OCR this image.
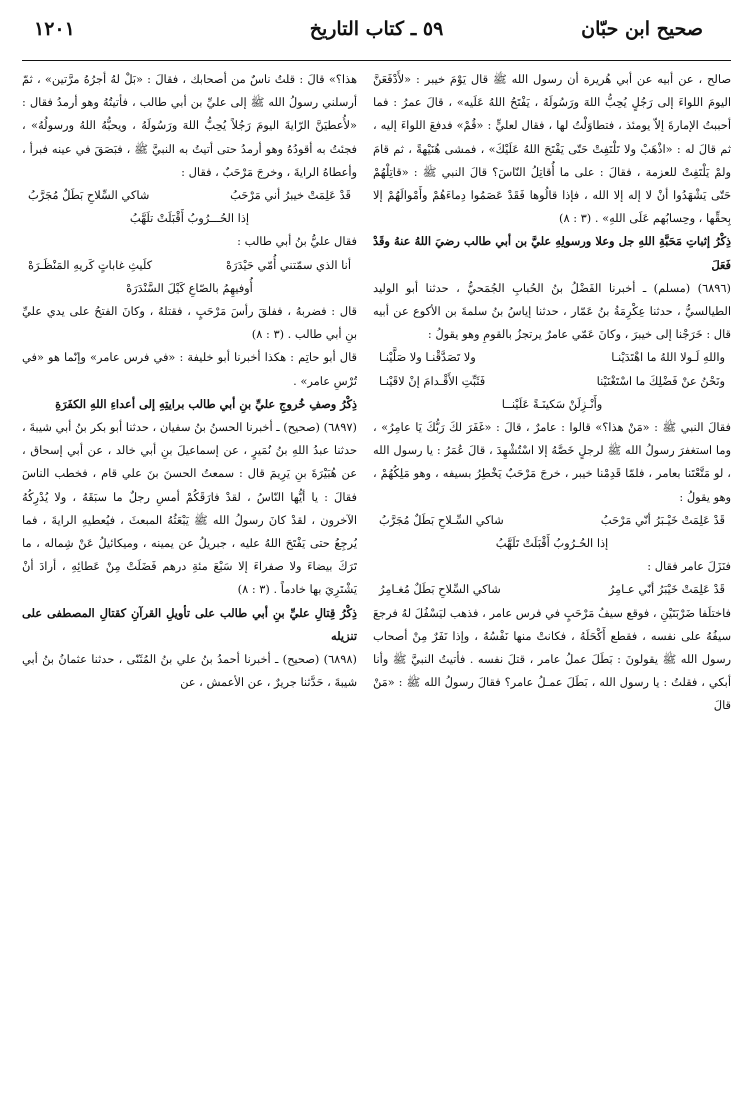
صحيح ابن حبّان
٥٩ ـ كتاب التاريخ
١٢٠١

صالح ، عن أبيه عن أبي هُريرة أن رسول الله ﷺ قال يَوْمَ خيبر : «لأَدْفَعَنَّ اليومَ اللواءَ إلى رَجُلٍ يُحِبُّ اللهَ ورَسُولَهُ ، يَفْتَحُ اللهُ عَلَيه» ، قالَ عمرُ : فما أحببتُ الإمارةَ إلاّ يومئذ ، فتطاوَلْتُ لها ، فقال لعليٍّ : «قُمْ» فدفعَ اللواءَ إليه ، ثم قالَ له : «اذْهَبْ ولا تَلْتَفِتْ حَتّى يَفْتَحَ اللهُ عَلَيْكَ» ، فمشى هُنَيْهةً ، ثم قامَ ولمْ يَلْتَفِتْ للعزمة ، فقالَ : على ما أُقاتِلُ النّاسَ؟ قالَ النبي ﷺ : «قاتِلْهُمْ حَتّى يَشْهَدُوا أنْ لا إله إلا الله ، فإذا قالُوها فَقَدْ عَصَمُوا دِماءَهُمْ وأَمْوالَهُمْ إلا بِحقِّها ، وحِسابُهم عَلَى اللهِ» . (٣ : ٨)

ذِكْرُ إثباتِ مَحَبَّةِ اللهِ جل وعلا ورسولِهِ عليَّ بن أبي طالب رضيَ اللهُ عنهُ وقَدْ فَعَلَ

(٦٨٩٦) (مسلم) ـ أخبرنا الفَضْلُ بنُ الحُبابِ الجُمَحيُّ ، حدثنا أبو الوليد الطيالسيُّ ، حدثنا عِكْرِمَةُ بنُ عَمّار ، حدثنا إياسُ بنُ سلمةَ بن الأكوع عن أبيه قال : خَرَجْنا إلى خيبرَ ، وكانَ عَمّي عامرٌ يرتجزُ بالقومِ وهو يقولُ :

واللهِ لَـولا اللهُ ما اهْتَدَيْنـا
ولا تَصَدَّقْنـا ولا صَلَّيْنـا
ونَحْنُ عنْ فَضْلِكَ ما اسْتَغْنَيْنا
فَثَبِّتِ الأَقْـدامَ إنْ لاقَيْنـا
وأَنْـزِلَنْ سَكينَـةً عَلَيْنــا

فقالَ النبي ﷺ : «مَنْ هذا؟» قالوا : عامرٌ ، قالَ : «غَفَرَ لكَ رَبُّكَ يَا عامِرُ» ، وما استغفرَ رسولُ الله ﷺ لرجلٍ خَصَّهُ إلا اسْتُشْهِدَ ، قالَ عُمَرُ : يا رسول الله ، لو مَتَّعْتَنا بعامر ، فلمّا قَدِمْنا خيبر ، خرجَ مَرْحَبٌ يَخْطِرُ بسيفه ، وهو مَلِكُهُمْ ، وهو يقولُ :

قَدْ عَلِمَتْ خَيْـبَرُ أنّي مَرْحَبُ
شاكي السِّـلاحِ بَطَلٌ مُجَرَّبُ
إذا الحُـرُوبُ أَقْبَلَتْ تَلَهَّبُ

فنَزَلَ عامر فقال :

قَدْ عَلِمَتْ خَيْبَرُ أنّي عـامِرُ
شاكي السِّلاحِ بَطَلٌ مُغـامِرُ

فاختلَفا ضَرْبَتَيْنِ ، فوقع سيفُ مَرْحَبٍ في فرس عامر ، فذهب ليَسْفُلَ لهُ فرجعَ سيفُهُ على نفسه ، فقطع أَكْحَلَهُ ، فكانتْ منها نَفْسُهُ ، وإذا نَفَرٌ مِنْ أصحاب رسول الله ﷺ يقولونَ : بَطَلَ عملُ عامر ، قتلَ نفسه . فأتيتُ النبيَّ ﷺ وأنا أبكي ، فقلتُ : يا رسول الله ، بَطَلَ عمـلُ عامر؟ فقالَ رسولُ الله ﷺ : «مَنْ قالَ

هذا؟» قالَ : قلتُ ناسٌ من أصحابك ، فقالَ : «بَلْ لهُ أجرُهُ مرَّتين» ، ثمّ أرسلني رسولُ الله ﷺ إلى عليِّ بن أبي طالب ، فأتيتُهُ وهو أرمدُ فقال : «لأُعطيَنَّ الرّايةَ اليومَ رَجُلاً يُحِبُّ اللهَ ورَسُولَهُ ، ويحبُّهُ اللهُ ورسولُهُ» ، فجئتُ به أقودُهُ وهو أرمدُ حتى أتيتُ به النبيَّ ﷺ ، فبَصَقَ في عينه فبرأ ، وأعطاهُ الرايةَ ، وخرجَ مَرْحَبٌ ، فقال :

قَدْ عَلِمَتْ خيبرُ أني مَرْحَبُ
شاكي السِّلاحِ بَطَلٌ مُجَرَّبُ
إذا الحُـــرُوبُ أَقْبَلَتْ تلَهَّبُ

فقال عليُّ بنُ أبي طالب :

أنا الذي سمّتني أُمّي حَيْدَرَهْ
كلَيثِ غاباتٍ كَريهِ المَنْظَـرَهْ
أُوفيهِمُ بالصّاعِ كَيْلَ السَّنْدَرَهْ

قال : فضربهُ ، ففلقَ رأسَ مَرْحَبٍ ، فقتلهُ ، وكانَ الفتحُ على يدي عليِّ بنِ أبي طالب . (٣ : ٨)

قال أبو حاتِم : هكذا أخبرنا أبو خليفة : «في فرس عامر» وإنّما هو «في تُرْسِ عامر» .

ذِكْرُ وصفِ خُروجِ عليِّ بنِ أبي طالب برايتِهِ إلى أعداءِ اللهِ الكفَرَةِ

(٦٨٩٧) (صحيح) ـ أخبرنا الحسنُ بنُ سفيان ، حدثنا أبو بكر بنُ أبي شيبةَ ، حدثنا عبدُ اللهِ بنُ نُمَيرٍ ، عن إسماعيلَ بنِ أبي خالد ، عن أبي إسحاق ، عن هُبَيْرَةَ بنِ يَرِيمَ قال : سمعتُ الحسنَ بنَ علي قام ، فخطب الناسَ فقالَ : يا أيُّها النّاسُ ، لقدْ فارَقَكُمْ أمسِ رجلٌ ما سبَقَهُ ، ولا يُدْرِكُهُ الآخرون ، لقدْ كانَ رسولُ الله ﷺ يَبْعَثُهُ المبعثَ ، فيُعطيهِ الرايةَ ، فما يُرجِعُ حتى يَفْتَحَ اللهُ عليه ، جبريلُ عن يمينه ، وميكائيلُ عَنْ شِماله ، ما تَرَكَ بيضاءَ ولا صفراءَ إلا سَبْعَ مئةِ درهم فَضَلَتْ مِنْ عَطائِهِ ، أرادَ أنْ يَشْتَرِيَ بها خادماً . (٣ : ٨)

ذِكْرُ قِتالِ عليِّ بنِ أبي طالب على تأويلِ القرآنِ كقتالِ المصطفى على تنزيله

(٦٨٩٨) (صحيح) ـ أخبرنا أحمدُ بنُ علي بنُ المُثَنّى ، حدثنا عثمانُ بنُ أبي شيبةَ ، حَدَّثنا جريرٌ ، عن الأعمش ، عن
